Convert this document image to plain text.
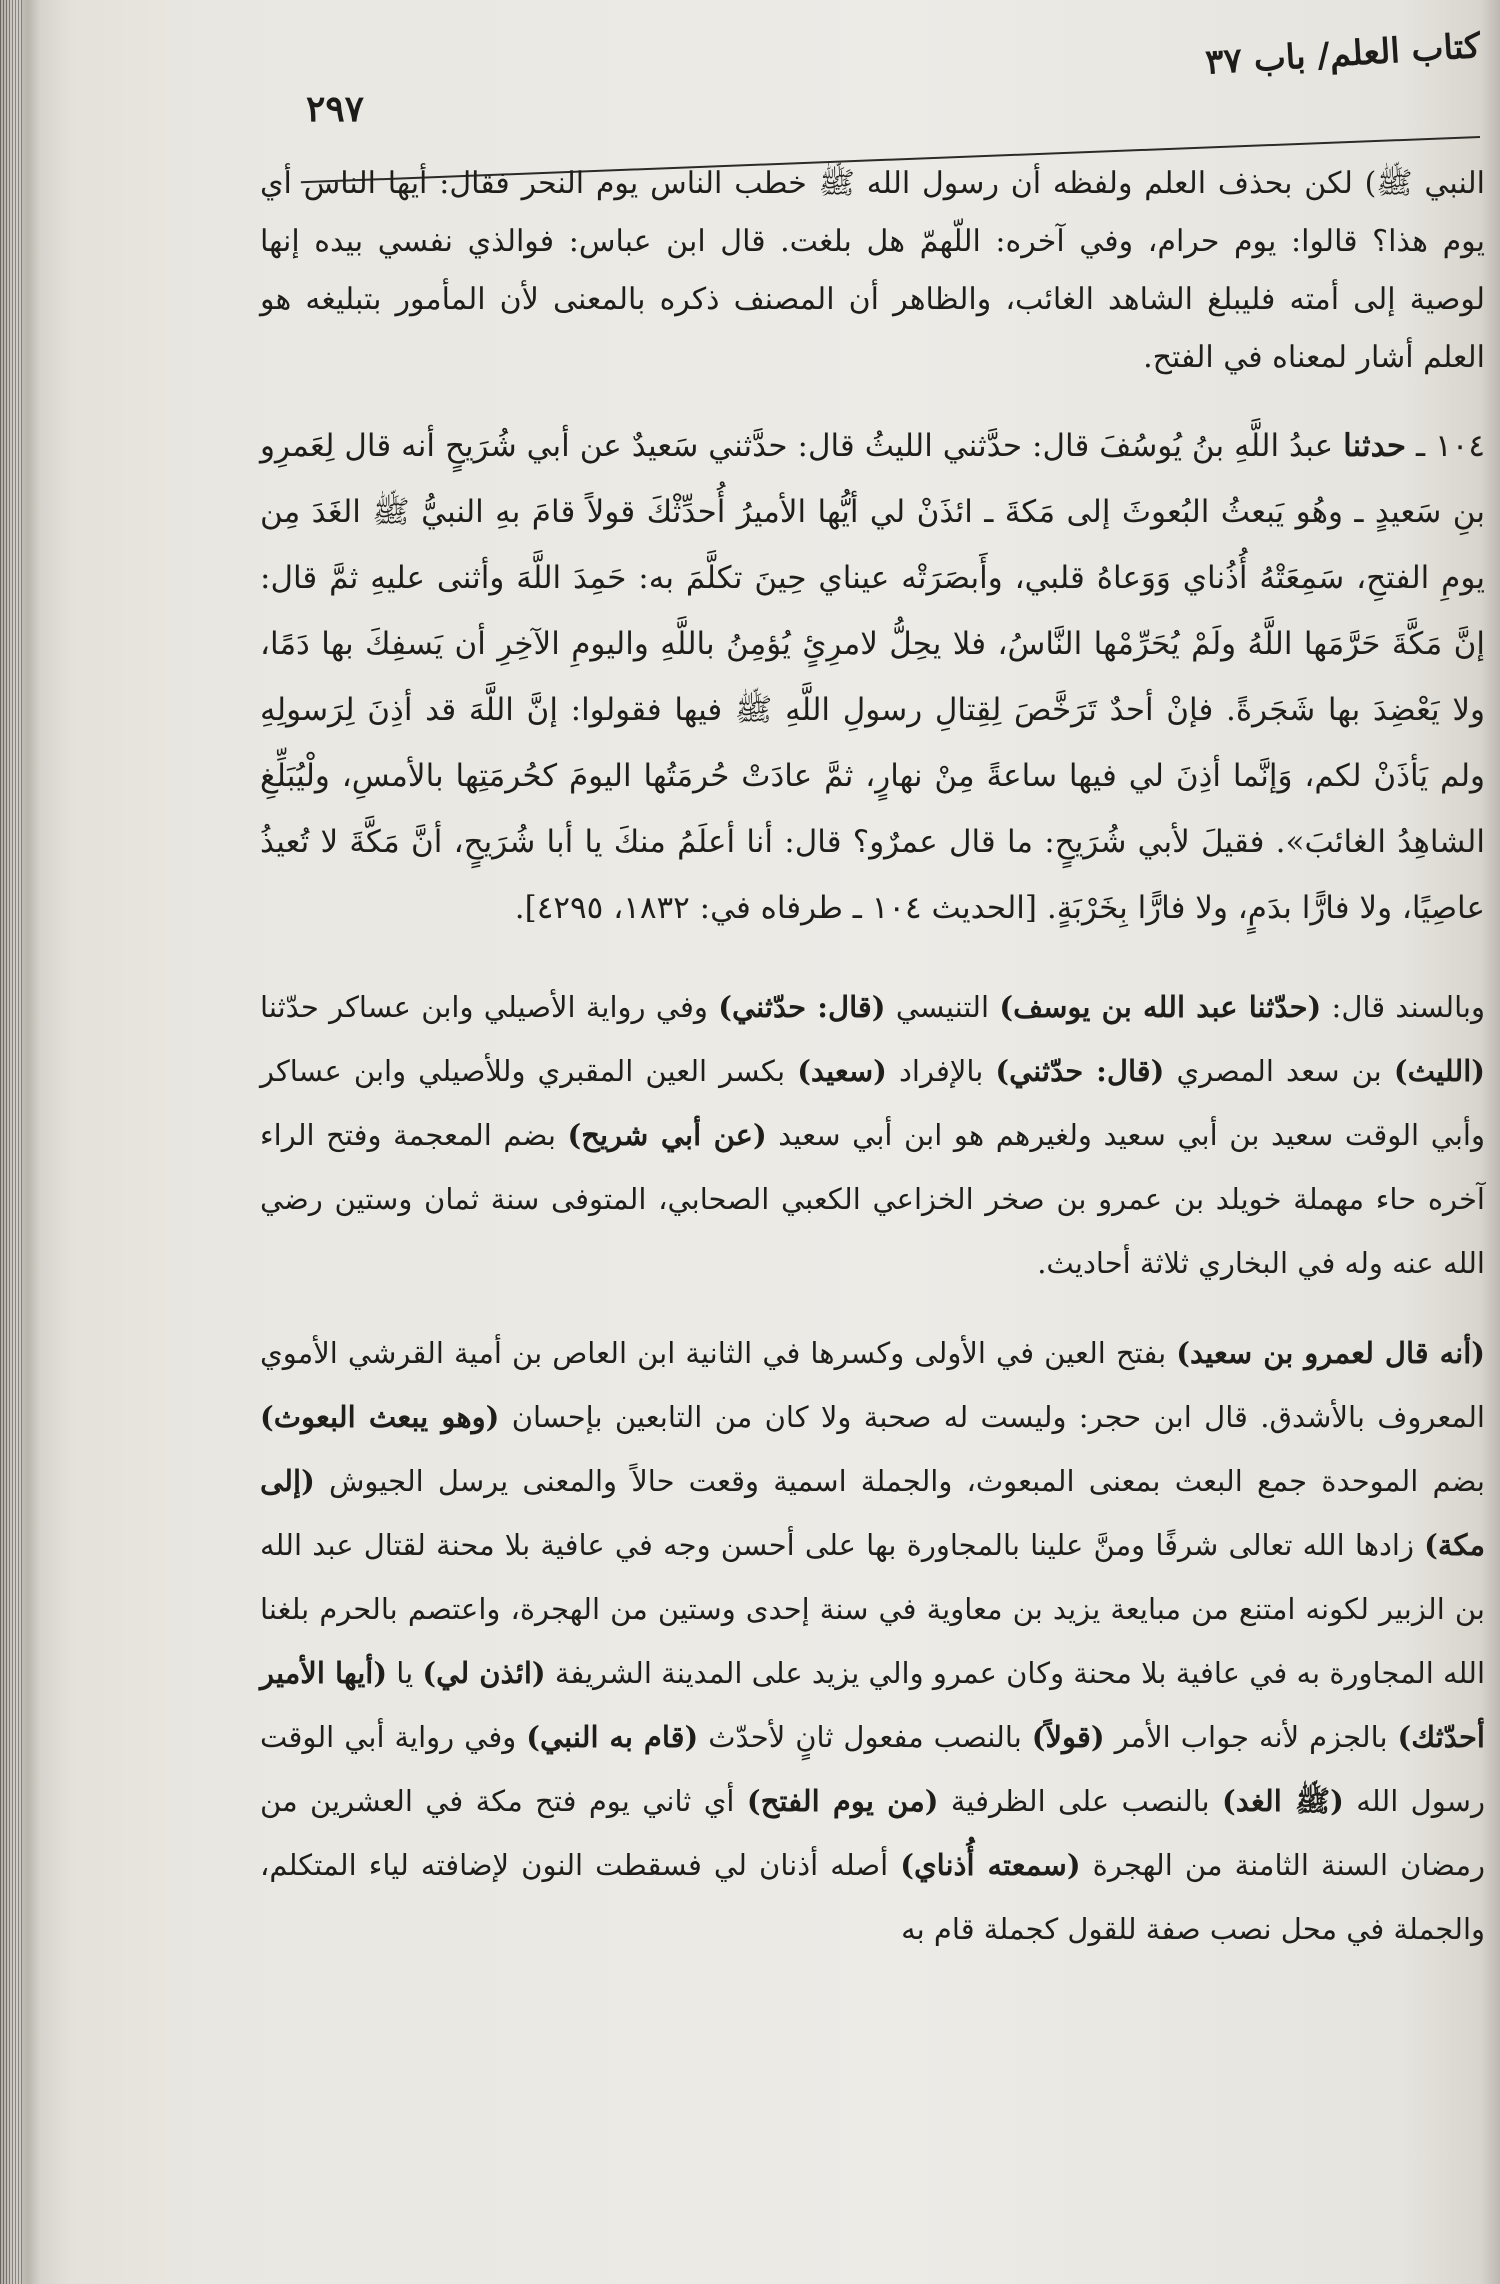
كتاب العلم/ باب ٣٧
٢٩٧

النبي ﷺ) لكن بحذف العلم ولفظه أن رسول الله ﷺ خطب الناس يوم النحر فقال: أيها الناس أي يوم هذا؟ قالوا: يوم حرام، وفي آخره: اللّهمّ هل بلغت. قال ابن عباس: فوالذي نفسي بيده إنها لوصية إلى أمته فليبلغ الشاهد الغائب، والظاهر أن المصنف ذكره بالمعنى لأن المأمور بتبليغه هو العلم أشار لمعناه في الفتح.

١٠٤ ـ حدثنا عبدُ اللَّهِ بنُ يُوسُفَ قال: حدَّثني الليثُ قال: حدَّثني سَعيدٌ عن أبي شُرَيحٍ أنه قال لِعَمرِو بنِ سَعيدٍ ـ وهُو يَبعثُ البُعوثَ إلى مَكةَ ـ ائذَنْ لي أيُّها الأميرُ أُحدِّثْكَ قولاً قامَ بهِ النبيُّ ﷺ الغَدَ مِن يومِ الفتحِ، سَمِعَتْهُ أُذُناي وَوَعاهُ قلبي، وأَبصَرَتْه عيناي حِينَ تكلَّمَ به: حَمِدَ اللَّهَ وأثنى عليهِ ثمَّ قال: إنَّ مَكَّةَ حَرَّمَها اللَّهُ ولَمْ يُحَرِّمْها النَّاسُ، فلا يحِلُّ لامرِئٍ يُؤمِنُ باللَّهِ واليومِ الآخِرِ أن يَسفِكَ بها دَمًا، ولا يَعْضِدَ بها شَجَرةً. فإنْ أحدٌ تَرَخَّصَ لِقِتالِ رسولِ اللَّهِ ﷺ فيها فقولوا: إنَّ اللَّهَ قد أذِنَ لِرَسولِهِ ولم يَأذَنْ لكم، وَإنَّما أذِنَ لي فيها ساعةً مِنْ نهارٍ، ثمَّ عادَتْ حُرمَتُها اليومَ كحُرمَتِها بالأمسِ، ولْيُبَلِّغِ الشاهِدُ الغائبَ». فقيلَ لأبي شُرَيحٍ: ما قال عمرٌو؟ قال: أنا أعلَمُ منكَ يا أبا شُرَيحٍ، أنَّ مَكَّةَ لا تُعيذُ عاصِيًا، ولا فارًّا بدَمٍ، ولا فارًّا بِخَرْبَةٍ. [الحديث ١٠٤ ـ طرفاه في: ١٨٣٢، ٤٢٩٥].

وبالسند قال: (حدّثنا عبد الله بن يوسف) التنيسي (قال: حدّثني) وفي رواية الأصيلي وابن عساكر حدّثنا (الليث) بن سعد المصري (قال: حدّثني) بالإفراد (سعيد) بكسر العين المقبري وللأصيلي وابن عساكر وأبي الوقت سعيد بن أبي سعيد ولغيرهم هو ابن أبي سعيد (عن أبي شريح) بضم المعجمة وفتح الراء آخره حاء مهملة خويلد بن عمرو بن صخر الخزاعي الكعبي الصحابي، المتوفى سنة ثمان وستين رضي الله عنه وله في البخاري ثلاثة أحاديث.

(أنه قال لعمرو بن سعيد) بفتح العين في الأولى وكسرها في الثانية ابن العاص بن أمية القرشي الأموي المعروف بالأشدق. قال ابن حجر: وليست له صحبة ولا كان من التابعين بإحسان (وهو يبعث البعوث) بضم الموحدة جمع البعث بمعنى المبعوث، والجملة اسمية وقعت حالاً والمعنى يرسل الجيوش (إلى مكة) زادها الله تعالى شرفًا ومنَّ علينا بالمجاورة بها على أحسن وجه في عافية بلا محنة لقتال عبد الله بن الزبير لكونه امتنع من مبايعة يزيد بن معاوية في سنة إحدى وستين من الهجرة، واعتصم بالحرم بلغنا الله المجاورة به في عافية بلا محنة وكان عمرو والي يزيد على المدينة الشريفة (ائذن لي) يا (أيها الأمير أحدّثك) بالجزم لأنه جواب الأمر (قولاً) بالنصب مفعول ثانٍ لأحدّث (قام به النبي) وفي رواية أبي الوقت رسول الله (ﷺ الغد) بالنصب على الظرفية (من يوم الفتح) أي ثاني يوم فتح مكة في العشرين من رمضان السنة الثامنة من الهجرة (سمعته أُذناي) أصله أذنان لي فسقطت النون لإضافته لياء المتكلم، والجملة في محل نصب صفة للقول كجملة قام به
